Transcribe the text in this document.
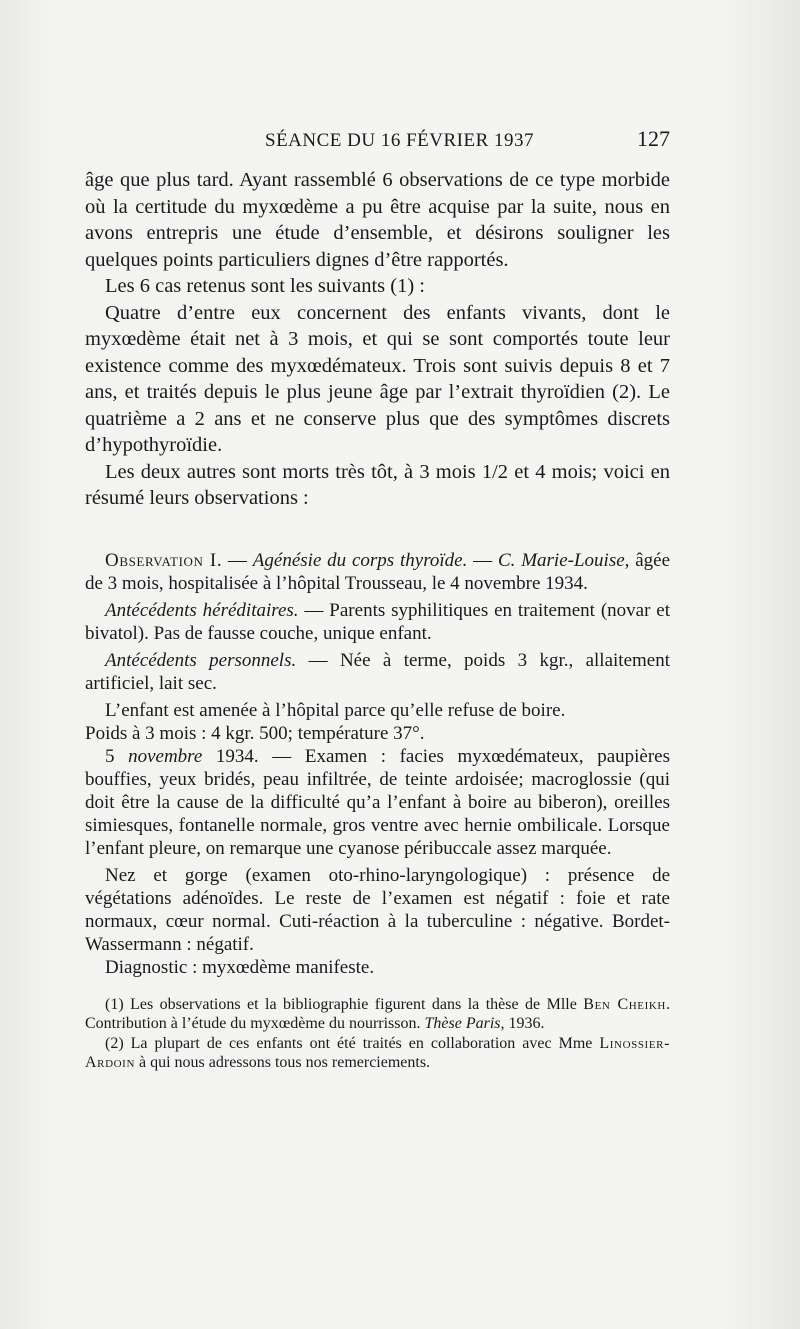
SÉANCE DU 16 FÉVRIER 1937	127

âge que plus tard. Ayant rassemblé 6 observations de ce type morbide où la certitude du myxœdème a pu être acquise par la suite, nous en avons entrepris une étude d’ensemble, et désirons souligner les quelques points particuliers dignes d’être rapportés.

Les 6 cas retenus sont les suivants (1) :

Quatre d’entre eux concernent des enfants vivants, dont le myxœdème était net à 3 mois, et qui se sont comportés toute leur existence comme des myxœdémateux. Trois sont suivis depuis 8 et 7 ans, et traités depuis le plus jeune âge par l’extrait thyroïdien (2). Le quatrième a 2 ans et ne conserve plus que des symptômes discrets d’hypothyroïdie.

Les deux autres sont morts très tôt, à 3 mois 1/2 et 4 mois; voici en résumé leurs observations :

Observation I. — Agénésie du corps thyroïde. — C. Marie-Louise, âgée de 3 mois, hospitalisée à l’hôpital Trousseau, le 4 novembre 1934.

Antécédents héréditaires. — Parents syphilitiques en traitement (novar et bivatol). Pas de fausse couche, unique enfant.

Antécédents personnels. — Née à terme, poids 3 kgr., allaitement artificiel, lait sec.

L’enfant est amenée à l’hôpital parce qu’elle refuse de boire.

Poids à 3 mois : 4 kgr. 500; température 37°.

5 novembre 1934. — Examen : facies myxœdémateux, paupières bouffies, yeux bridés, peau infiltrée, de teinte ardoisée; macroglossie (qui doit être la cause de la difficulté qu’a l’enfant à boire au biberon), oreilles simiesques, fontanelle normale, gros ventre avec hernie ombilicale. Lorsque l’enfant pleure, on remarque une cyanose péribuccale assez marquée.

Nez et gorge (examen oto-rhino-laryngologique) : présence de végétations adénoïdes. Le reste de l’examen est négatif : foie et rate normaux, cœur normal. Cuti-réaction à la tuberculine : négative. Bordet-Wassermann : négatif.

Diagnostic : myxœdème manifeste.

(1) Les observations et la bibliographie figurent dans la thèse de Mlle Ben Cheikh. Contribution à l’étude du myxœdème du nourrisson. Thèse Paris, 1936.

(2) La plupart de ces enfants ont été traités en collaboration avec Mme Linossier-Ardoin à qui nous adressons tous nos remerciements.
